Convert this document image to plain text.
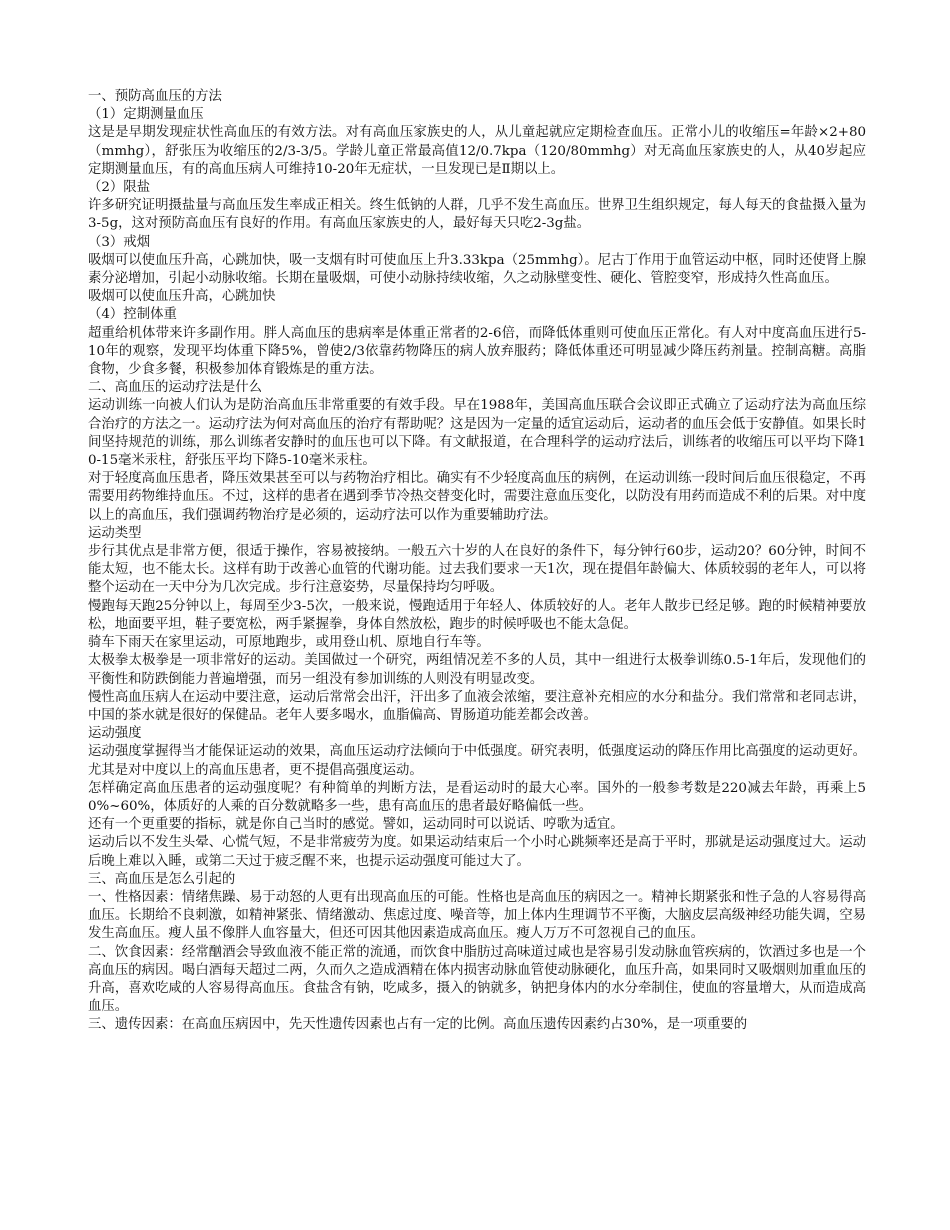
一、预防高血压的方法

（1）定期测量血压

这是是早期发现症状性高血压的有效方法。对有高血压家族史的人，从儿童起就应定期检查血压。正常小儿的收缩压=年龄×2+80（mmhg），舒张压为收缩压的2/3-3/5。学龄儿童正常最高值12/0.7kpa（120/80mmhg）对无高血压家族史的人，从40岁起应定期测量血压，有的高血压病人可维持10-20年无症状，一旦发现已是Ⅱ期以上。

（2）限盐

许多研究证明摄盐量与高血压发生率成正相关。终生低钠的人群，几乎不发生高血压。世界卫生组织规定，每人每天的食盐摄入量为3-5g，这对预防高血压有良好的作用。有高血压家族史的人，最好每天只吃2-3g盐。

（3）戒烟

吸烟可以使血压升高，心跳加快，吸一支烟有时可使血压上升3.33kpa（25mmhg）。尼古丁作用于血管运动中枢，同时还使肾上腺素分泌增加，引起小动脉收缩。长期在量吸烟，可使小动脉持续收缩，久之动脉壁变性、硬化、管腔变窄，形成持久性高血压。

吸烟可以使血压升高，心跳加快

（4）控制体重

超重给机体带来许多副作用。胖人高血压的患病率是体重正常者的2-6倍，而降低体重则可使血压正常化。有人对中度高血压进行5-10年的观察，发现平均体重下降5%，曾使2/3依靠药物降压的病人放弃服药；降低体重还可明显减少降压药剂量。控制高糖。高脂食物，少食多餐，积极参加体育锻炼是的重方法。

二、高血压的运动疗法是什么

运动训练一向被人们认为是防治高血压非常重要的有效手段。早在1988年，美国高血压联合会议即正式确立了运动疗法为高血压综合治疗的方法之一。运动疗法为何对高血压的治疗有帮助呢？这是因为一定量的适宜运动后，运动者的血压会低于安静值。如果长时间坚持规范的训练，那么训练者安静时的血压也可以下降。有文献报道，在合理科学的运动疗法后，训练者的收缩压可以平均下降10-15毫米汞柱，舒张压平均下降5-10毫米汞柱。

对于轻度高血压患者，降压效果甚至可以与药物治疗相比。确实有不少轻度高血压的病例，在运动训练一段时间后血压很稳定，不再需要用药物维持血压。不过，这样的患者在遇到季节冷热交替变化时，需要注意血压变化，以防没有用药而造成不利的后果。对中度以上的高血压，我们强调药物治疗是必须的，运动疗法可以作为重要辅助疗法。

运动类型

步行其优点是非常方便，很适于操作，容易被接纳。一般五六十岁的人在良好的条件下，每分钟行60步，运动20？60分钟，时间不能太短，也不能太长。这样有助于改善心血管的代谢功能。过去我们要求一天1次，现在提倡年龄偏大、体质较弱的老年人，可以将整个运动在一天中分为几次完成。步行注意姿势，尽量保持均匀呼吸。

慢跑每天跑25分钟以上，每周至少3-5次，一般来说，慢跑适用于年轻人、体质较好的人。老年人散步已经足够。跑的时候精神要放松，地面要平坦，鞋子要宽松，两手紧握拳，身体自然放松，跑步的时候呼吸也不能太急促。

骑车下雨天在家里运动，可原地跑步，或用登山机、原地自行车等。

太极拳太极拳是一项非常好的运动。美国做过一个研究，两组情况差不多的人员，其中一组进行太极拳训练0.5-1年后，发现他们的平衡性和防跌倒能力普遍增强，而另一组没有参加训练的人则没有明显改变。

慢性高血压病人在运动中要注意，运动后常常会出汗，汗出多了血液会浓缩，要注意补充相应的水分和盐分。我们常常和老同志讲，中国的茶水就是很好的保健品。老年人要多喝水，血脂偏高、胃肠道功能差都会改善。

运动强度

运动强度掌握得当才能保证运动的效果，高血压运动疗法倾向于中低强度。研究表明，低强度运动的降压作用比高强度的运动更好。尤其是对中度以上的高血压患者，更不提倡高强度运动。

怎样确定高血压患者的运动强度呢？有种简单的判断方法，是看运动时的最大心率。国外的一般参考数是220减去年龄，再乘上50%~60%，体质好的人乘的百分数就略多一些，患有高血压的患者最好略偏低一些。

还有一个更重要的指标，就是你自己当时的感觉。譬如，运动同时可以说话、哼歌为适宜。

运动后以不发生头晕、心慌气短，不是非常疲劳为度。如果运动结束后一个小时心跳频率还是高于平时，那就是运动强度过大。运动后晚上难以入睡，或第二天过于疲乏醒不来，也提示运动强度可能过大了。

三、高血压是怎么引起的

一、性格因素：情绪焦躁、易于动怒的人更有出现高血压的可能。性格也是高血压的病因之一。精神长期紧张和性子急的人容易得高血压。长期给不良刺激，如精神紧张、情绪激动、焦虑过度、噪音等，加上体内生理调节不平衡，大脑皮层高级神经功能失调，空易发生高血压。瘦人虽不像胖人血容量大，但还可因其他因素造成高血压。瘦人万万不可忽视自己的血压。

二、饮食因素：经常酗酒会导致血液不能正常的流通，而饮食中脂肪过高味道过咸也是容易引发动脉血管疾病的，饮酒过多也是一个高血压的病因。喝白酒每天超过二两，久而久之造成酒精在体内损害动脉血管使动脉硬化，血压升高，如果同时又吸烟则加重血压的升高，喜欢吃咸的人容易得高血压。食盐含有钠，吃咸多，摄入的钠就多，钠把身体内的水分牵制住，使血的容量增大，从而造成高血压。

三、遗传因素：在高血压病因中，先天性遗传因素也占有一定的比例。高血压遗传因素约占30%，是一项重要的
